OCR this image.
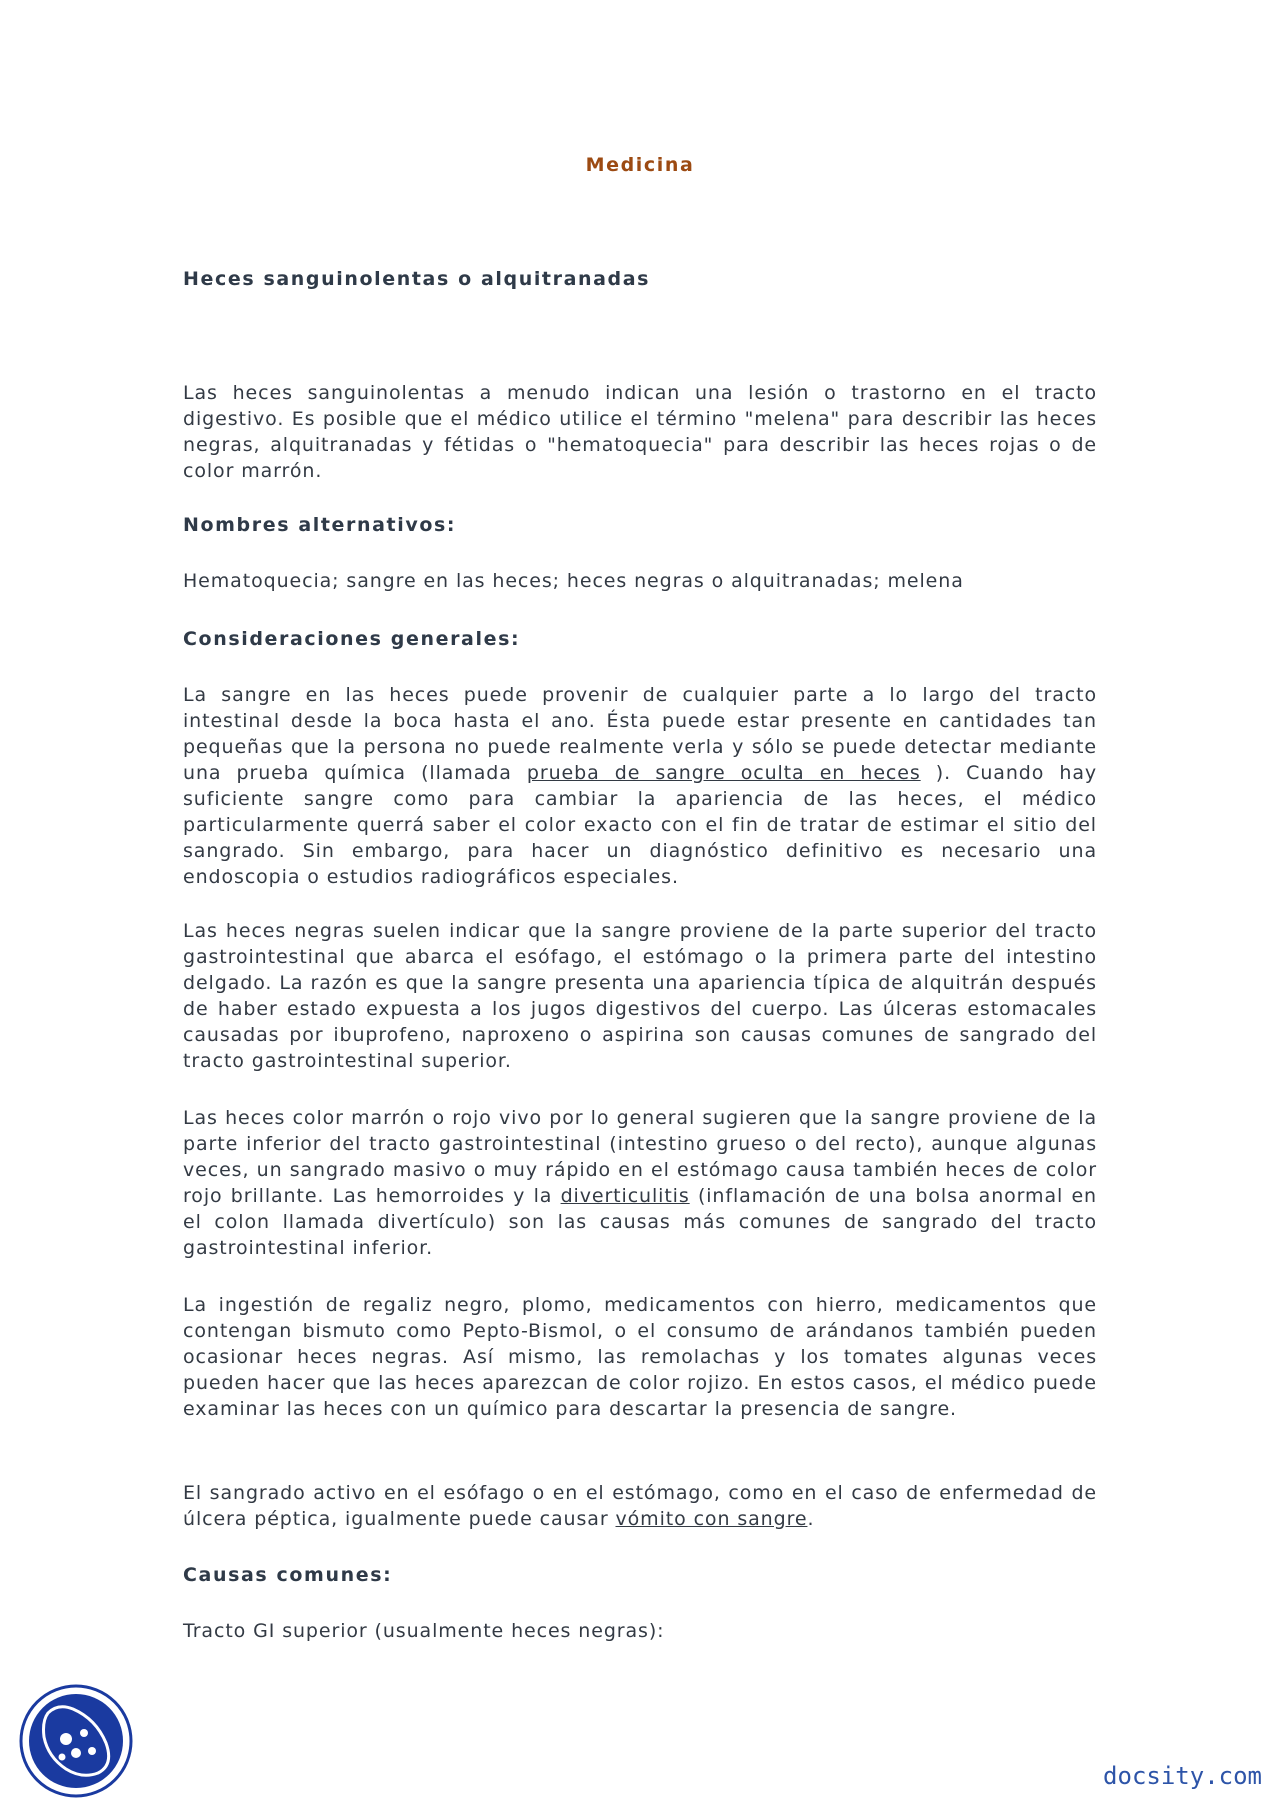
Medicina
Heces sanguinolentas o alquitranadas

Las heces sanguinolentas a menudo indican una lesión o trastorno en el tracto digestivo. Es posible que el médico utilice el término "melena" para describir las heces negras, alquitranadas y fétidas o "hematoquecia" para describir las heces rojas o de color marrón.

Nombres alternativos:

Hematoquecia; sangre en las heces; heces negras o alquitranadas; melena

Consideraciones generales:

La sangre en las heces puede provenir de cualquier parte a lo largo del tracto intestinal desde la boca hasta el ano. Ésta puede estar presente en cantidades tan pequeñas que la persona no puede realmente verla y sólo se puede detectar mediante una prueba química (llamada prueba de sangre oculta en heces ). Cuando hay suficiente sangre como para cambiar la apariencia de las heces, el médico particularmente querrá saber el color exacto con el fin de tratar de estimar el sitio del sangrado. Sin embargo, para hacer un diagnóstico definitivo es necesario una endoscopia o estudios radiográficos especiales.

Las heces negras suelen indicar que la sangre proviene de la parte superior del tracto gastrointestinal que abarca el esófago, el estómago o la primera parte del intestino delgado. La razón es que la sangre presenta una apariencia típica de alquitrán después de haber estado expuesta a los jugos digestivos del cuerpo. Las úlceras estomacales causadas por ibuprofeno, naproxeno o aspirina son causas comunes de sangrado del tracto gastrointestinal superior.

Las heces color marrón o rojo vivo por lo general sugieren que la sangre proviene de la parte inferior del tracto gastrointestinal (intestino grueso o del recto), aunque algunas veces, un sangrado masivo o muy rápido en el estómago causa también heces de color rojo brillante. Las hemorroides y la diverticulitis (inflamación de una bolsa anormal en el colon llamada divertículo) son las causas más comunes de sangrado del tracto gastrointestinal inferior.

La ingestión de regaliz negro, plomo, medicamentos con hierro, medicamentos que contengan bismuto como Pepto-Bismol, o el consumo de arándanos también pueden ocasionar heces negras. Así mismo, las remolachas y los tomates algunas veces pueden hacer que las heces aparezcan de color rojizo. En estos casos, el médico puede examinar las heces con un químico para descartar la presencia de sangre.

El sangrado activo en el esófago o en el estómago, como en el caso de enfermedad de úlcera péptica, igualmente puede causar vómito con sangre.

Causas comunes:

Tracto GI superior (usualmente heces negras):

docsity.com
